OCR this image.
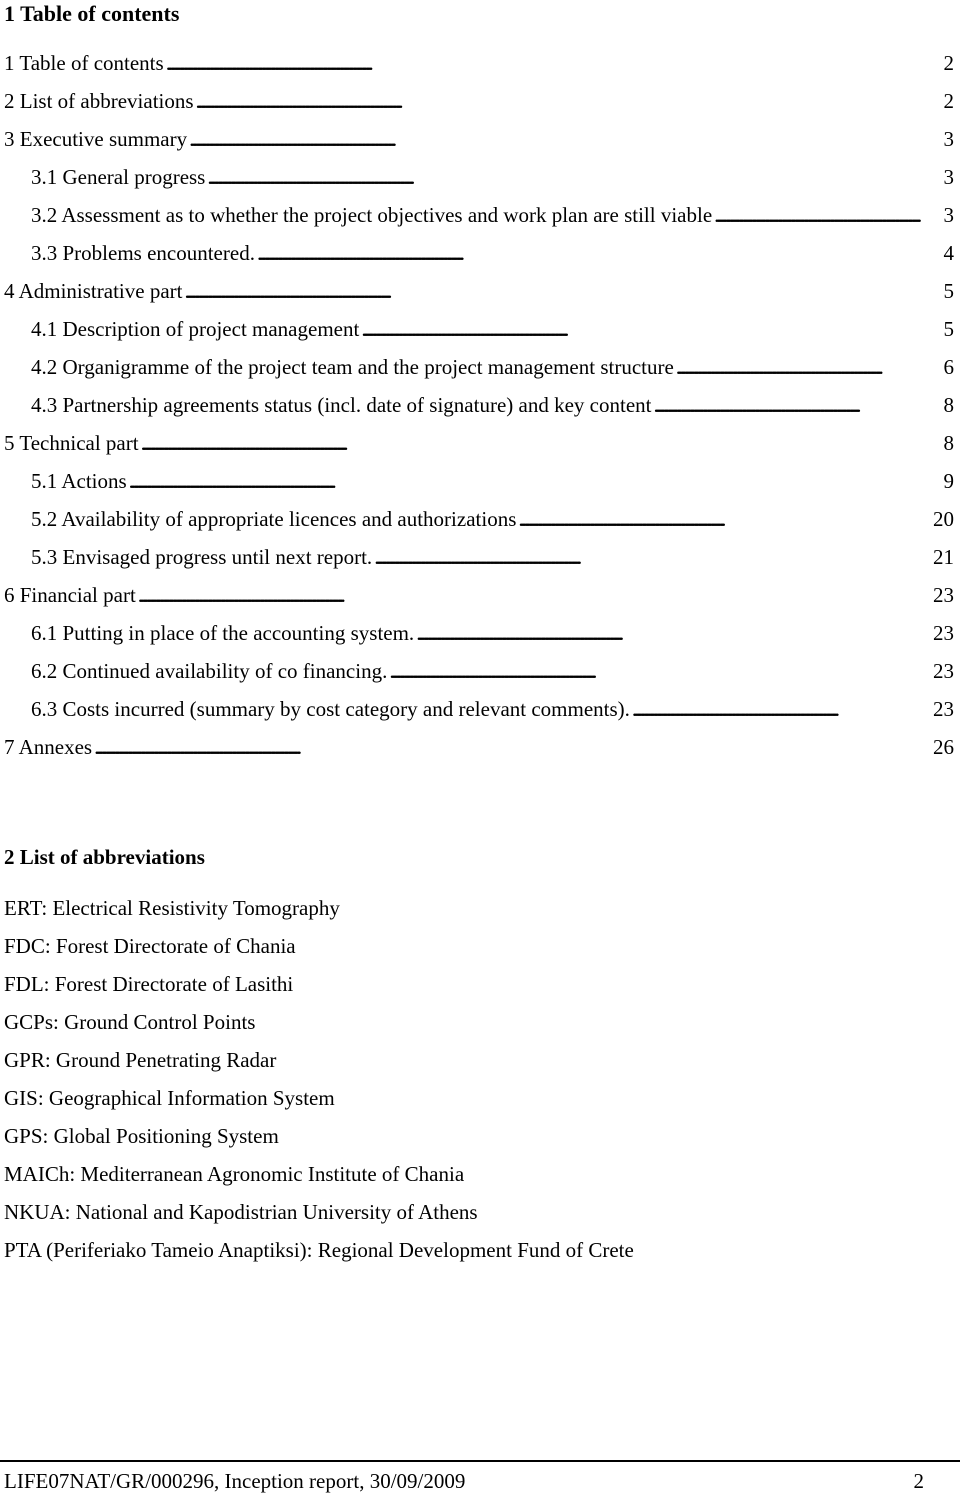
1 Table of contents
1 Table of contents . . .	2
2 List of abbreviations . . .	2
3 Executive summary . . .	3
3.1 General progress . . .	3
3.2 Assessment as to whether the project objectives and work plan are still viable . . .	3
3.3 Problems encountered. . . .	4
4 Administrative part . . .	5
4.1 Description of project management . . .	5
4.2 Organigramme of the project team and the project management structure . . .	6
4.3 Partnership agreements status (incl. date of signature) and key content . . .	8
5 Technical part . . .	8
5.1 Actions . . .	9
5.2 Availability of appropriate licences and authorizations . . .	20
5.3 Envisaged progress until next report. . . .	21
6 Financial part . . .	23
6.1 Putting in place of the accounting system. . . .	23
6.2 Continued availability of co financing. . . .	23
6.3 Costs incurred (summary by cost category and relevant comments). . . .	23
7 Annexes . . .	26
2 List of abbreviations
ERT: Electrical Resistivity Tomography
FDC: Forest Directorate of Chania
FDL: Forest Directorate of Lasithi
GCPs: Ground Control Points
GPR: Ground Penetrating Radar
GIS: Geographical Information System
GPS: Global Positioning System
MAICh: Mediterranean Agronomic Institute of Chania
NKUA: National and Kapodistrian University of Athens
PTA (Periferiako Tameio Anaptiksi): Regional Development Fund of Crete
LIFE07NAT/GR/000296, Inception report, 30/09/2009	2
